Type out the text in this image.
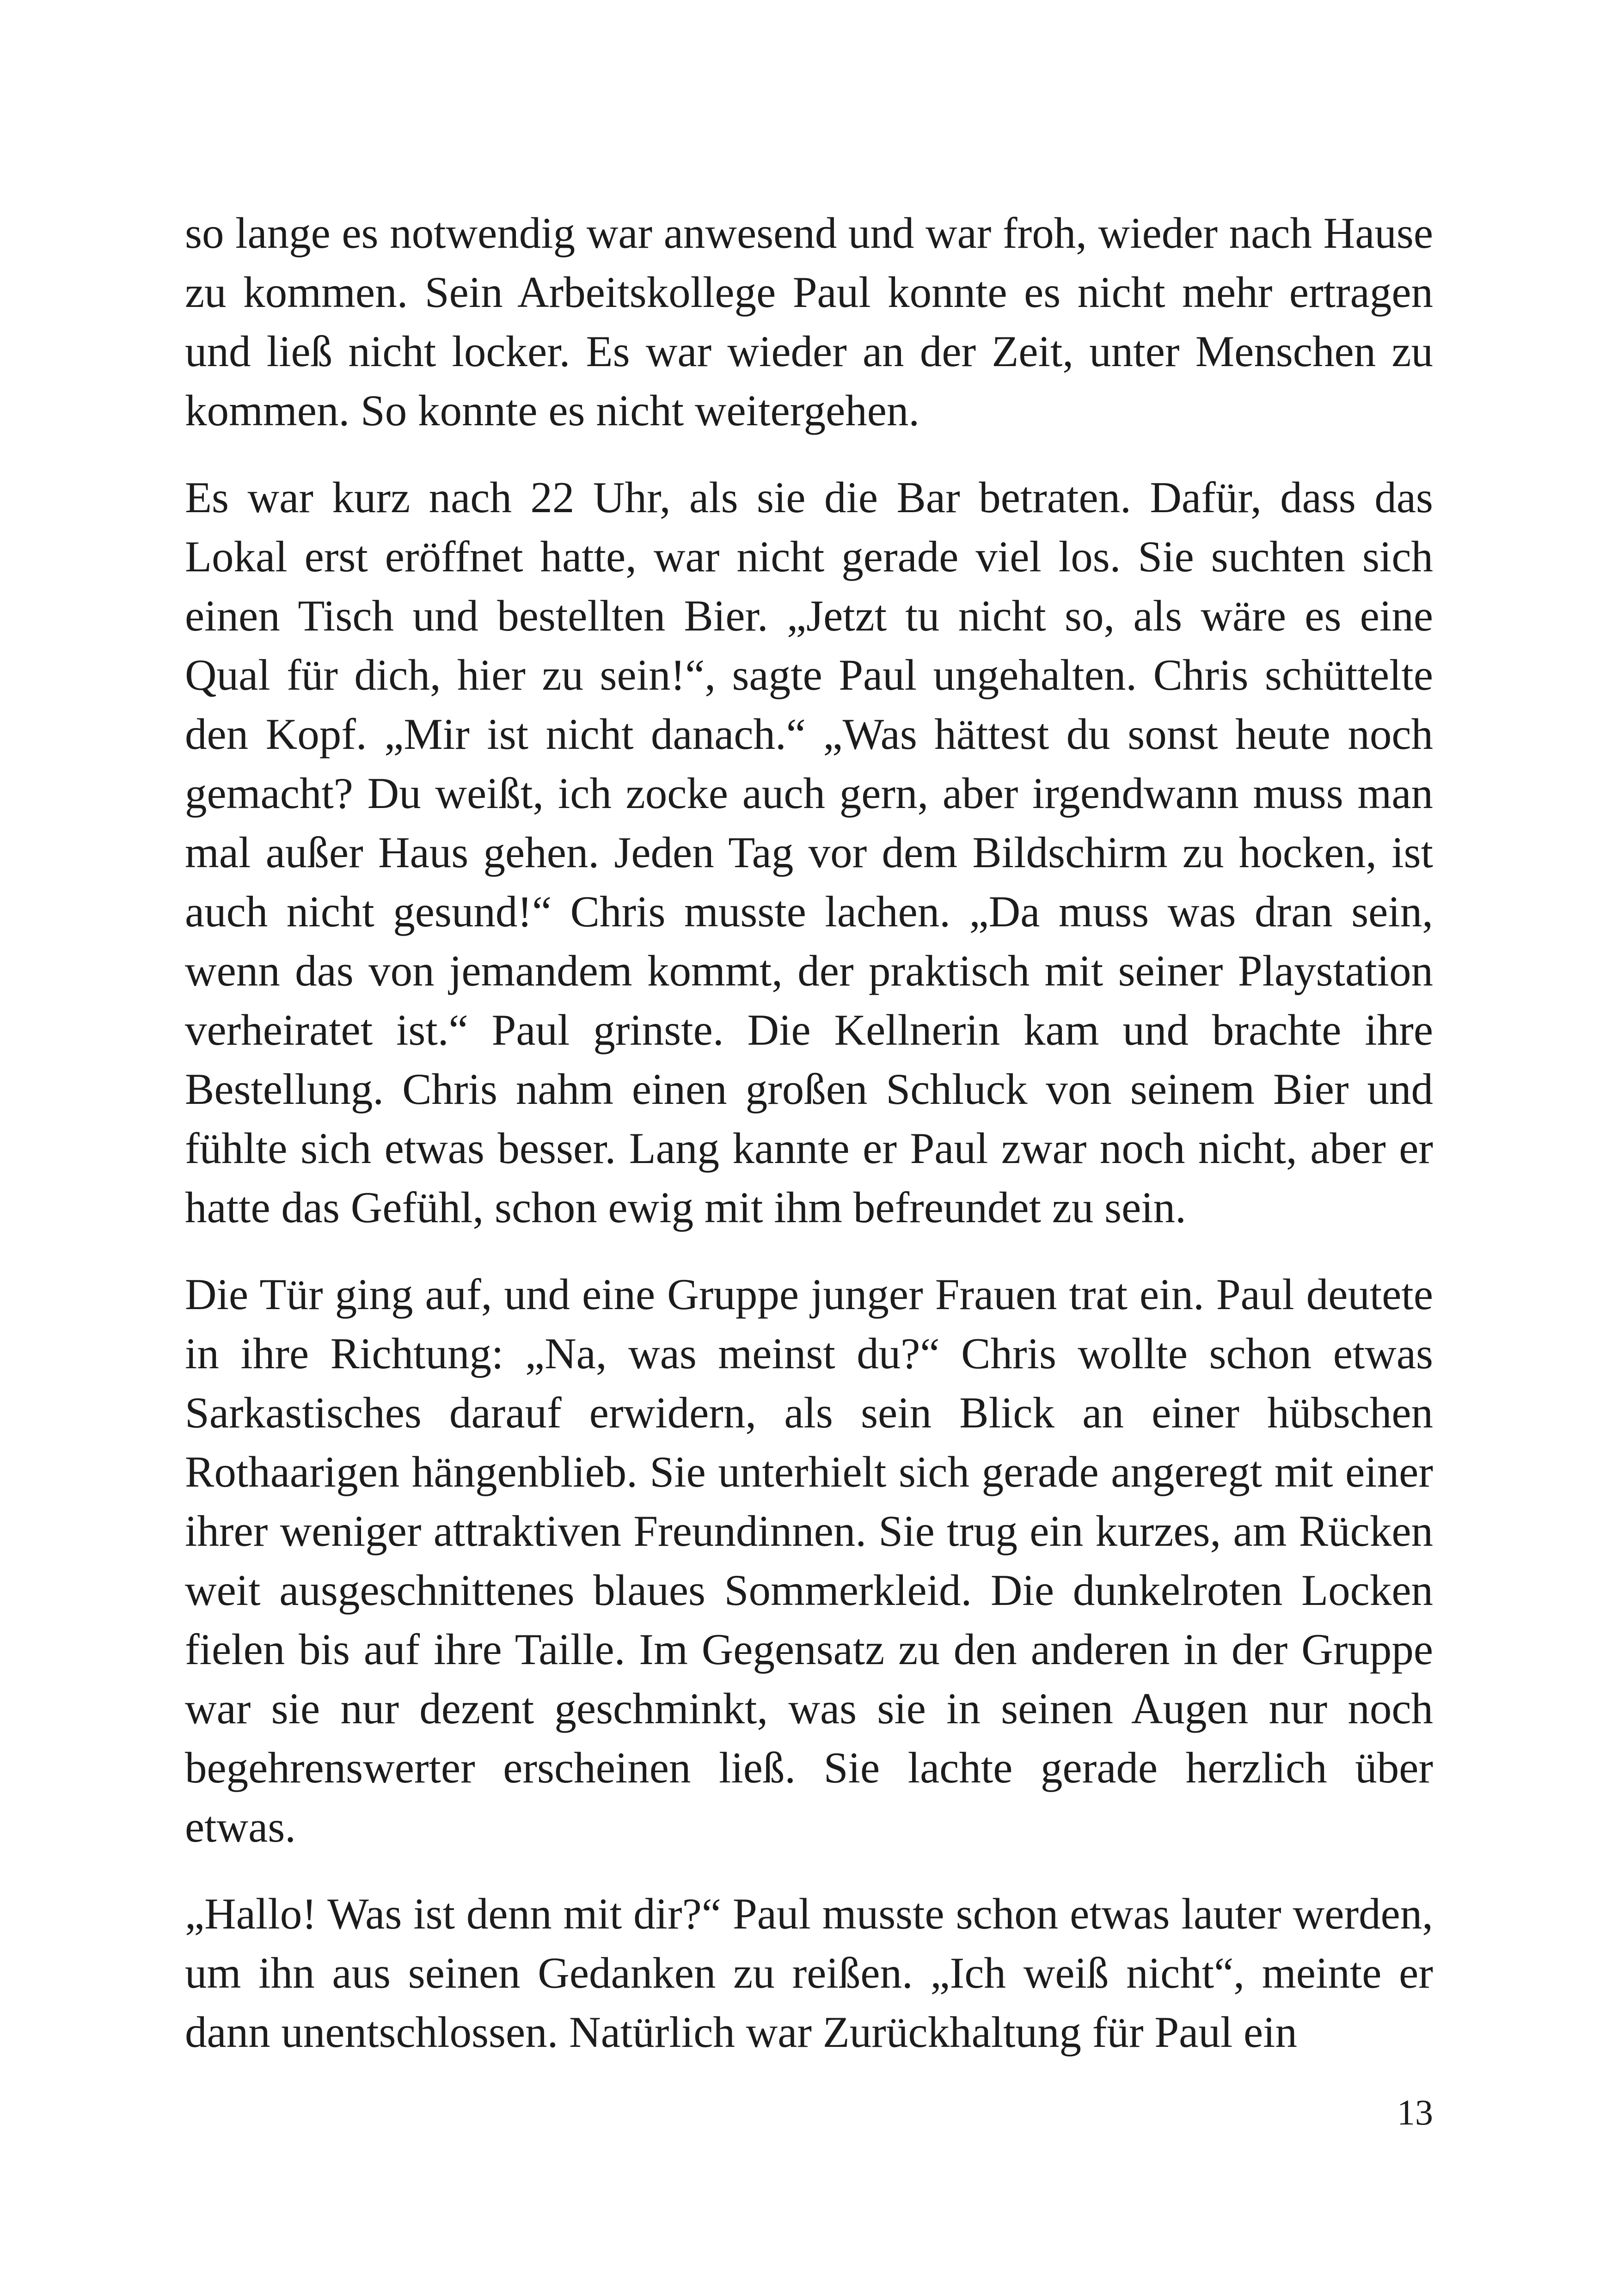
so lange es notwendig war anwesend und war froh, wieder nach Hause zu kommen. Sein Arbeitskollege Paul konnte es nicht mehr ertragen und ließ nicht locker. Es war wieder an der Zeit, unter Menschen zu kommen. So konnte es nicht weitergehen.

Es war kurz nach 22 Uhr, als sie die Bar betraten. Dafür, dass das Lokal erst eröffnet hatte, war nicht gerade viel los. Sie suchten sich einen Tisch und bestellten Bier. „Jetzt tu nicht so, als wäre es eine Qual für dich, hier zu sein!“, sagte Paul ungehalten. Chris schüttelte den Kopf. „Mir ist nicht danach.“ „Was hättest du sonst heute noch gemacht? Du weißt, ich zocke auch gern, aber irgendwann muss man mal außer Haus gehen. Jeden Tag vor dem Bildschirm zu hocken, ist auch nicht gesund!“ Chris musste lachen. „Da muss was dran sein, wenn das von jemandem kommt, der praktisch mit seiner Playstation verheiratet ist.“ Paul grinste. Die Kellnerin kam und brachte ihre Bestellung. Chris nahm einen großen Schluck von seinem Bier und fühlte sich etwas besser. Lang kannte er Paul zwar noch nicht, aber er hatte das Gefühl, schon ewig mit ihm befreundet zu sein.

Die Tür ging auf, und eine Gruppe junger Frauen trat ein. Paul deutete in ihre Richtung: „Na, was meinst du?“ Chris wollte schon etwas Sarkastisches darauf erwidern, als sein Blick an einer hübschen Rothaarigen hängenblieb. Sie unterhielt sich gerade angeregt mit einer ihrer weniger attraktiven Freundinnen. Sie trug ein kurzes, am Rücken weit ausgeschnittenes blaues Sommerkleid. Die dunkelroten Locken fielen bis auf ihre Taille. Im Gegensatz zu den anderen in der Gruppe war sie nur dezent geschminkt, was sie in seinen Augen nur noch begehrenswerter erscheinen ließ. Sie lachte gerade herzlich über etwas.

„Hallo! Was ist denn mit dir?“ Paul musste schon etwas lauter werden, um ihn aus seinen Gedanken zu reißen. „Ich weiß nicht“, meinte er dann unentschlossen. Natürlich war Zurückhaltung für Paul ein

13
